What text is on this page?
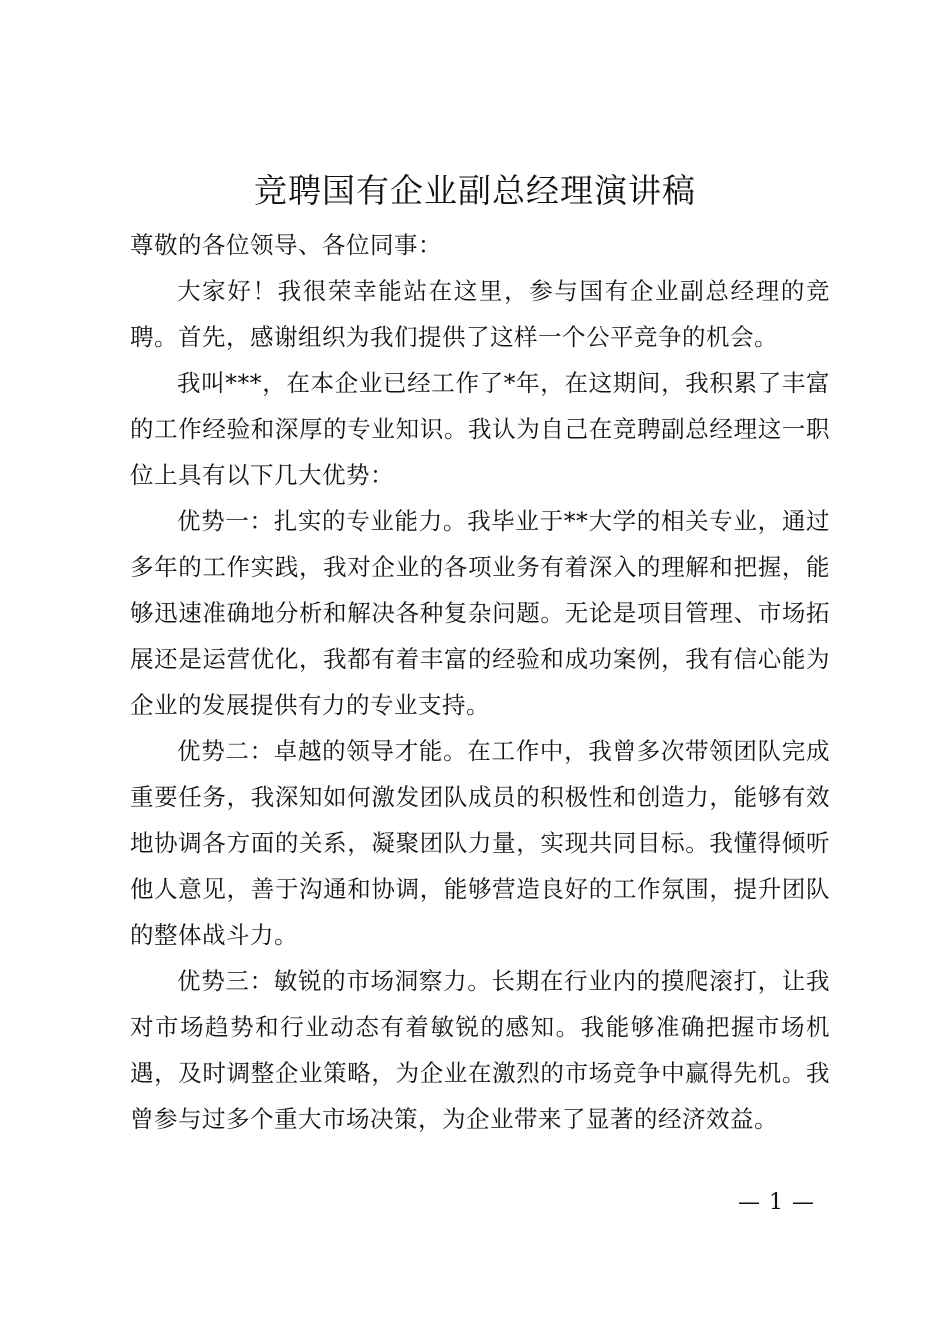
竞聘国有企业副总经理演讲稿

尊敬的各位领导、各位同事：

大家好！我很荣幸能站在这里，参与国有企业副总经理的竞聘。首先，感谢组织为我们提供了这样一个公平竞争的机会。

我叫***，在本企业已经工作了*年，在这期间，我积累了丰富的工作经验和深厚的专业知识。我认为自己在竞聘副总经理这一职位上具有以下几大优势：

优势一：扎实的专业能力。我毕业于**大学的相关专业，通过多年的工作实践，我对企业的各项业务有着深入的理解和把握，能够迅速准确地分析和解决各种复杂问题。无论是项目管理、市场拓展还是运营优化，我都有着丰富的经验和成功案例，我有信心能为企业的发展提供有力的专业支持。

优势二：卓越的领导才能。在工作中，我曾多次带领团队完成重要任务，我深知如何激发团队成员的积极性和创造力，能够有效地协调各方面的关系，凝聚团队力量，实现共同目标。我懂得倾听他人意见，善于沟通和协调，能够营造良好的工作氛围，提升团队的整体战斗力。

优势三：敏锐的市场洞察力。长期在行业内的摸爬滚打，让我对市场趋势和行业动态有着敏锐的感知。我能够准确把握市场机遇，及时调整企业策略，为企业在激烈的市场竞争中赢得先机。我曾参与过多个重大市场决策，为企业带来了显著的经济效益。

— 1 —
